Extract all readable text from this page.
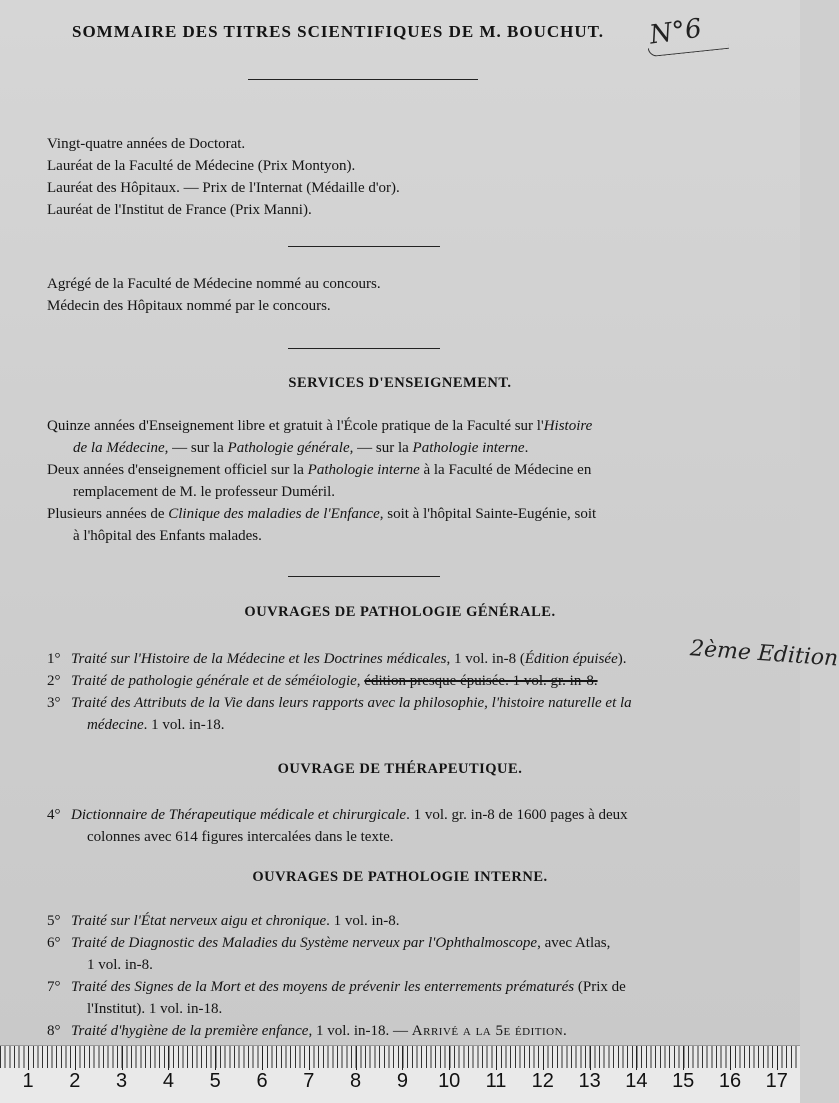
SOMMAIRE DES TITRES SCIENTIFIQUES DE M. BOUCHUT.	N°6

Vingt-quatre années de Doctorat.

Lauréat de la Faculté de Médecine (Prix Montyon).

Lauréat des Hôpitaux. — Prix de l'Internat (Médaille d'or).

Lauréat de l'Institut de France (Prix Manni).

Agrégé de la Faculté de Médecine nommé au concours.

Médecin des Hôpitaux nommé par le concours.

SERVICES D'ENSEIGNEMENT.

Quinze années d'Enseignement libre et gratuit à l'École pratique de la Faculté sur l'Histoire

de la Médecine, — sur la Pathologie générale, — sur la Pathologie interne.

Deux années d'enseignement officiel sur la Pathologie interne à la Faculté de Médecine en

remplacement de M. le professeur Duméril.

Plusieurs années de Clinique des maladies de l'Enfance, soit à l'hôpital Sainte-Eugénie, soit

à l'hôpital des Enfants malades.

OUVRAGES DE PATHOLOGIE GÉNÉRALE.

1° Traité sur l'Histoire de la Médecine et les Doctrines médicales, 1 vol. in-8 (Édition épuisée).

2° Traité de pathologie générale et de séméiologie, édition presque épuisée. 1 vol. gr. in-8.

3° Traité des Attributs de la Vie dans leurs rapports avec la philosophie, l'histoire naturelle et la
médecine. 1 vol. in-18.

2ème Edition
OUVRAGE DE THÉRAPEUTIQUE.

4° Dictionnaire de Thérapeutique médicale et chirurgicale. 1 vol. gr. in-8 de 1600 pages à deux
colonnes avec 614 figures intercalées dans le texte.

OUVRAGES DE PATHOLOGIE INTERNE.

5° Traité sur l'État nerveux aigu et chronique. 1 vol. in-8.

6° Traité de Diagnostic des Maladies du Système nerveux par l'Ophthalmoscope, avec Atlas,
1 vol. in-8.

7° Traité des Signes de la Mort et des moyens de prévenir les enterrements prématurés (Prix de
l'Institut). 1 vol. in-18.

8° Traité d'hygiène de la première enfance, 1 vol. in-18. — Arrivé a la 5e édition.

1 2 3 4 5 6 7 8 9 10 11 12 13 14 15 16 17
